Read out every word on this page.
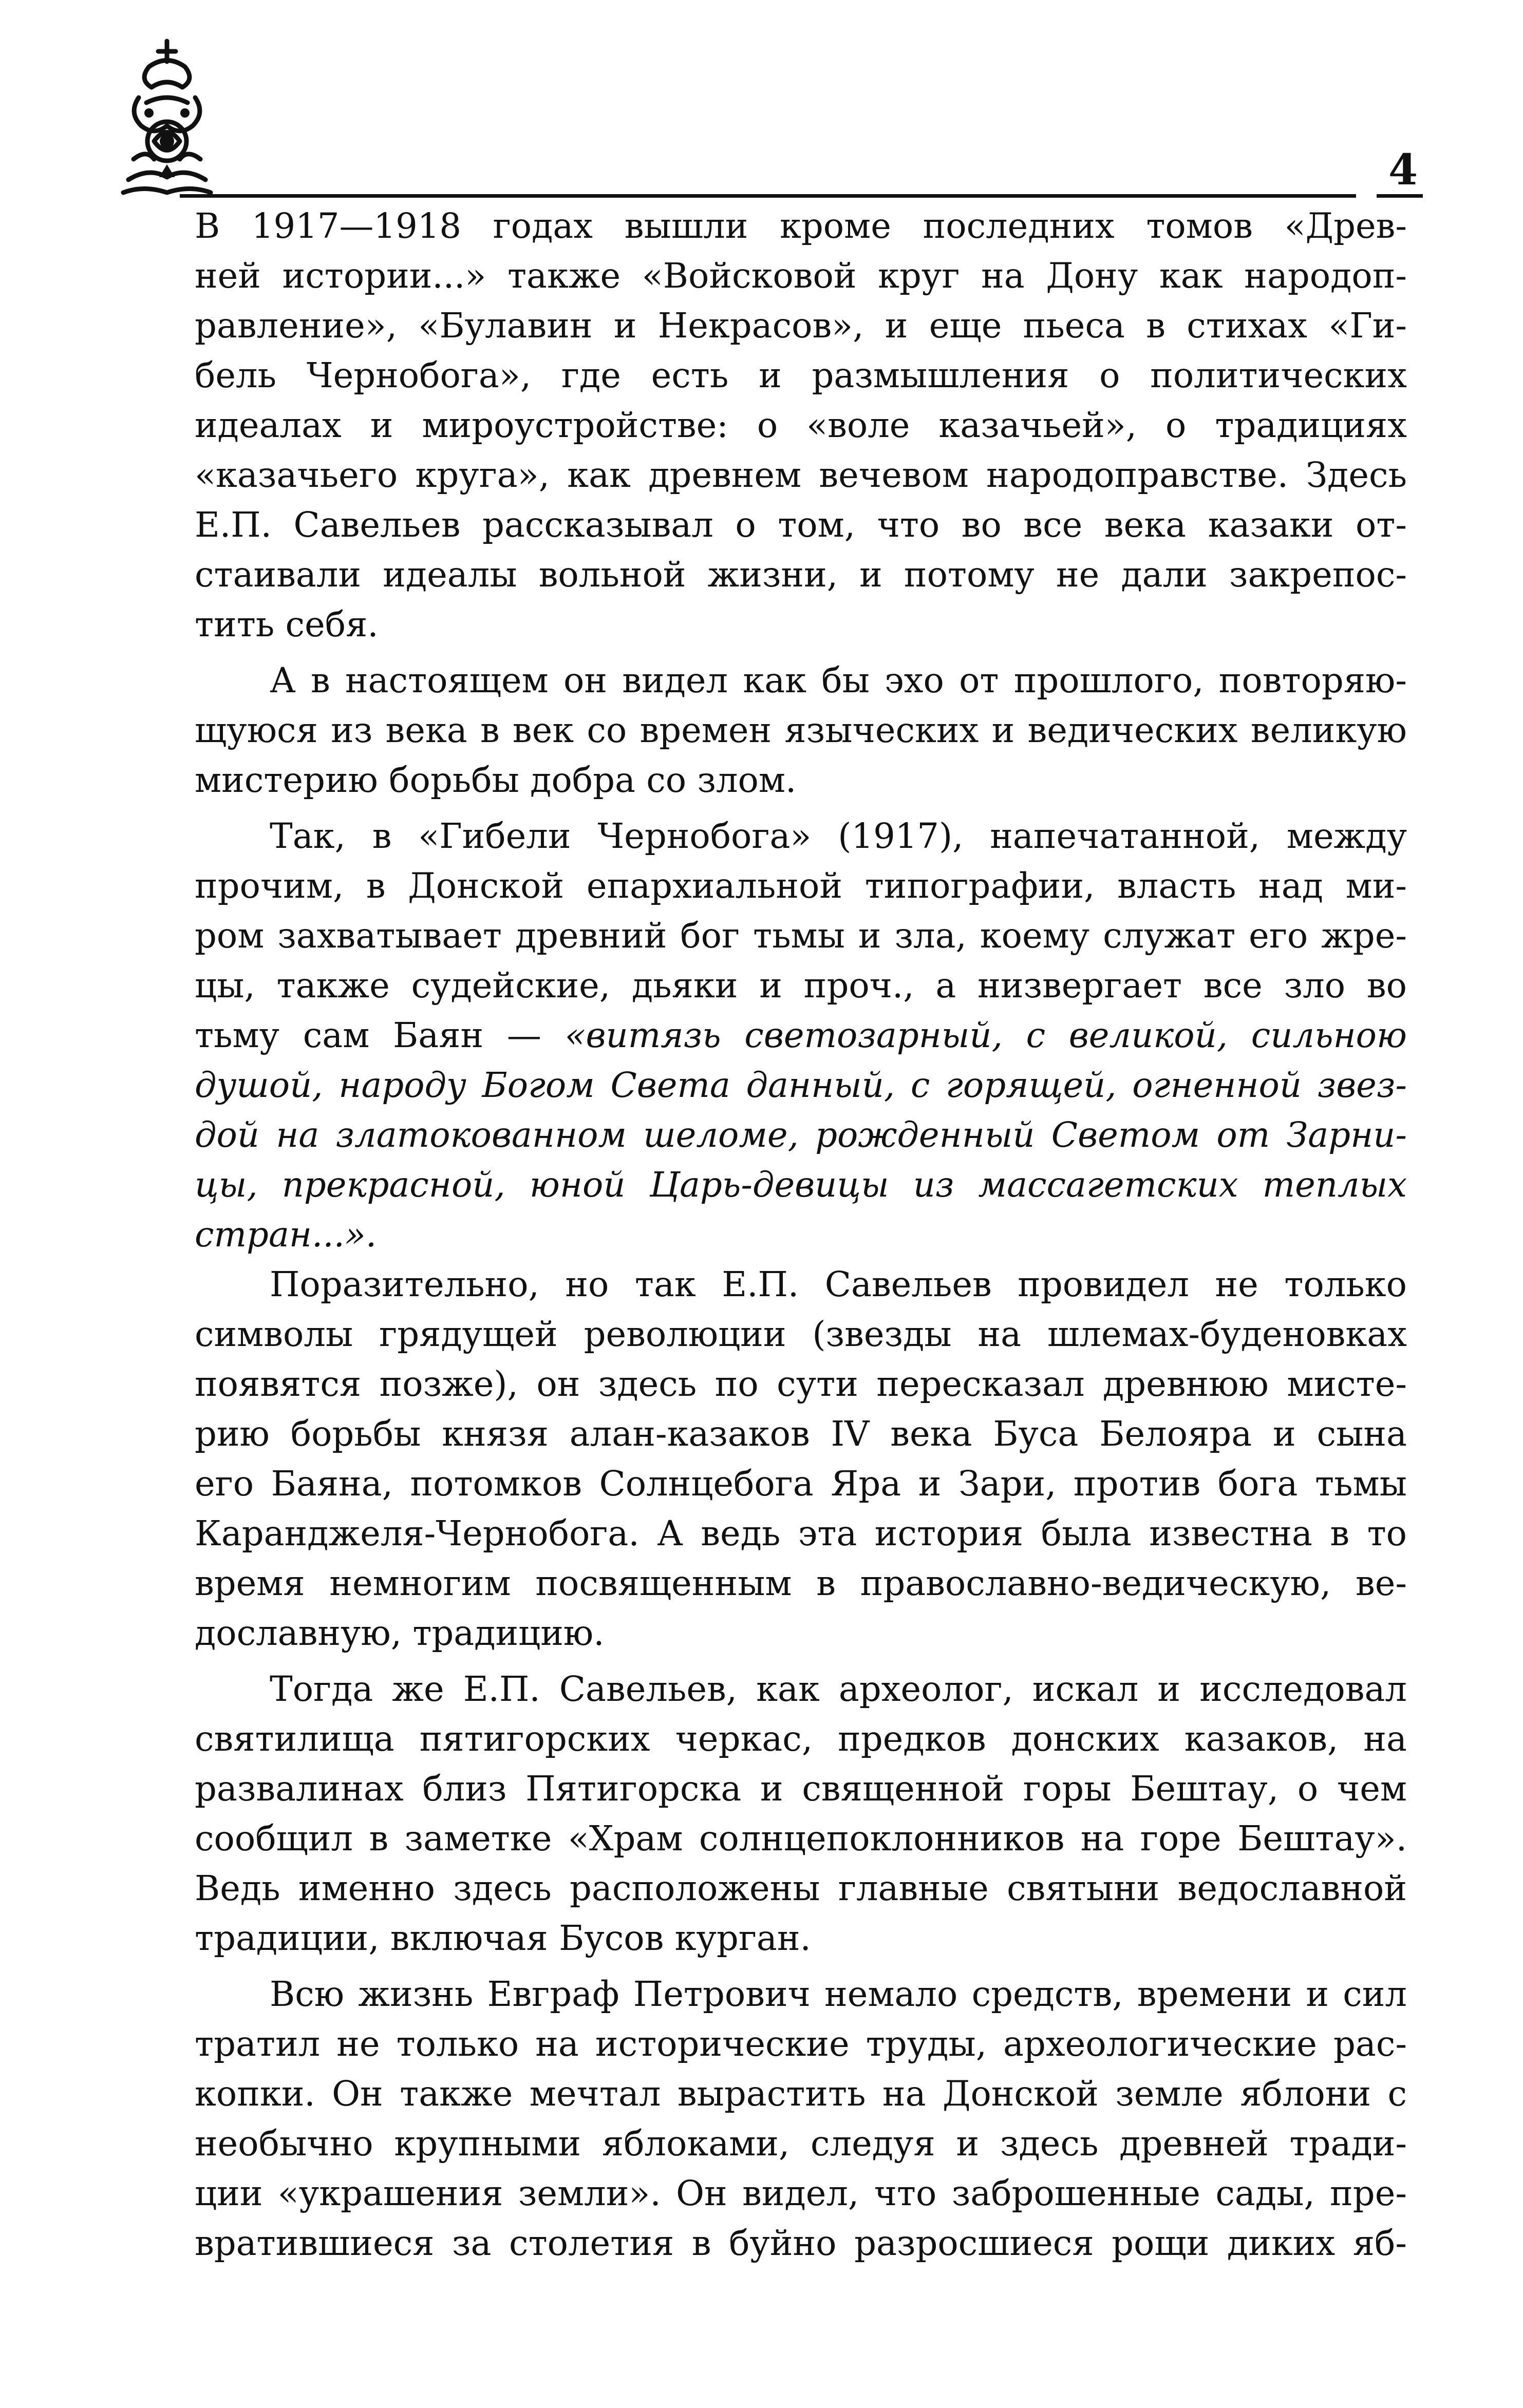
4
В 1917—1918 годах вышли кроме последних томов «Древ-
ней истории...» также «Войсковой круг на Дону как народоп-
равление», «Булавин и Некрасов», и еще пьеса в стихах «Ги-
бель Чернобога», где есть и размышления о политических
идеалах и мироустройстве: о «воле казачьей», о традициях
«казачьего круга», как древнем вечевом народоправстве. Здесь
Е.П. Савельев рассказывал о том, что во все века казаки от-
стаивали идеалы вольной жизни, и потому не дали закрепос-
тить себя.
А в настоящем он видел как бы эхо от прошлого, повторяю-
щуюся из века в век со времен языческих и ведических великую
мистерию борьбы добра со злом.
Так, в «Гибели Чернобога» (1917), напечатанной, между
прочим, в Донской епархиальной типографии, власть над ми-
ром захватывает древний бог тьмы и зла, коему служат его жре-
цы, также судейские, дьяки и проч., а низвергает все зло во
тьму сам Баян — «витязь светозарный, с великой, сильною
душой, народу Богом Света данный, с горящей, огненной звез-
дой на златокованном шеломе, рожденный Светом от Зарни-
цы, прекрасной, юной Царь-девицы из массагетских теплых
стран...».
Поразительно, но так Е.П. Савельев провидел не только
символы грядущей революции (звезды на шлемах-буденовках
появятся позже), он здесь по сути пересказал древнюю мисте-
рию борьбы князя алан-казаков IV века Буса Белояра и сына
его Баяна, потомков Солнцебога Яра и Зари, против бога тьмы
Каранджеля-Чернобога. А ведь эта история была известна в то
время немногим посвященным в православно-ведическую, ве-
дославную, традицию.
Тогда же Е.П. Савельев, как археолог, искал и исследовал
святилища пятигорских черкас, предков донских казаков, на
развалинах близ Пятигорска и священной горы Бештау, о чем
сообщил в заметке «Храм солнцепоклонников на горе Бештау».
Ведь именно здесь расположены главные святыни ведославной
традиции, включая Бусов курган.
Всю жизнь Евграф Петрович немало средств, времени и сил
тратил не только на исторические труды, археологические рас-
копки. Он также мечтал вырастить на Донской земле яблони с
необычно крупными яблоками, следуя и здесь древней тради-
ции «украшения земли». Он видел, что заброшенные сады, пре-
вратившиеся за столетия в буйно разросшиеся рощи диких яб-
